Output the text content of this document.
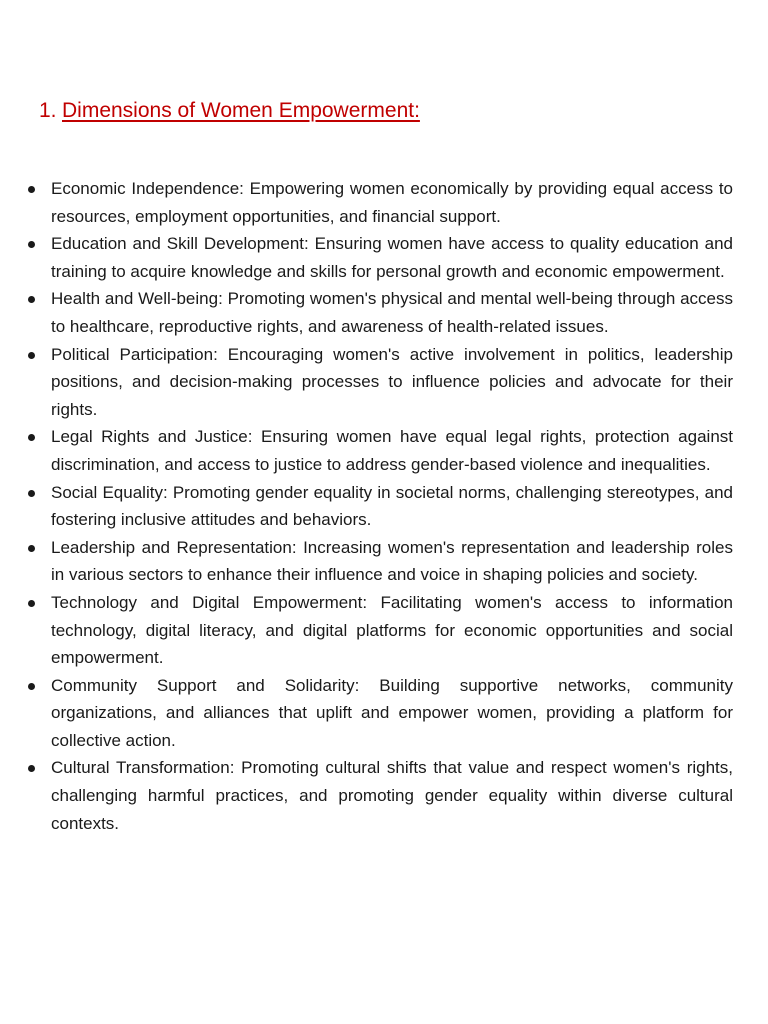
1. Dimensions of Women Empowerment:
Economic Independence: Empowering women economically by providing equal access to resources, employment opportunities, and financial support.
Education and Skill Development: Ensuring women have access to quality education and training to acquire knowledge and skills for personal growth and economic empowerment.
Health and Well-being: Promoting women's physical and mental well-being through access to healthcare, reproductive rights, and awareness of health-related issues.
Political Participation: Encouraging women's active involvement in politics, leadership positions, and decision-making processes to influence policies and advocate for their rights.
Legal Rights and Justice: Ensuring women have equal legal rights, protection against discrimination, and access to justice to address gender-based violence and inequalities.
Social Equality: Promoting gender equality in societal norms, challenging stereotypes, and fostering inclusive attitudes and behaviors.
Leadership and Representation: Increasing women's representation and leadership roles in various sectors to enhance their influence and voice in shaping policies and society.
Technology and Digital Empowerment: Facilitating women's access to information technology, digital literacy, and digital platforms for economic opportunities and social empowerment.
Community Support and Solidarity: Building supportive networks, community organizations, and alliances that uplift and empower women, providing a platform for collective action.
Cultural Transformation: Promoting cultural shifts that value and respect women's rights, challenging harmful practices, and promoting gender equality within diverse cultural contexts.
